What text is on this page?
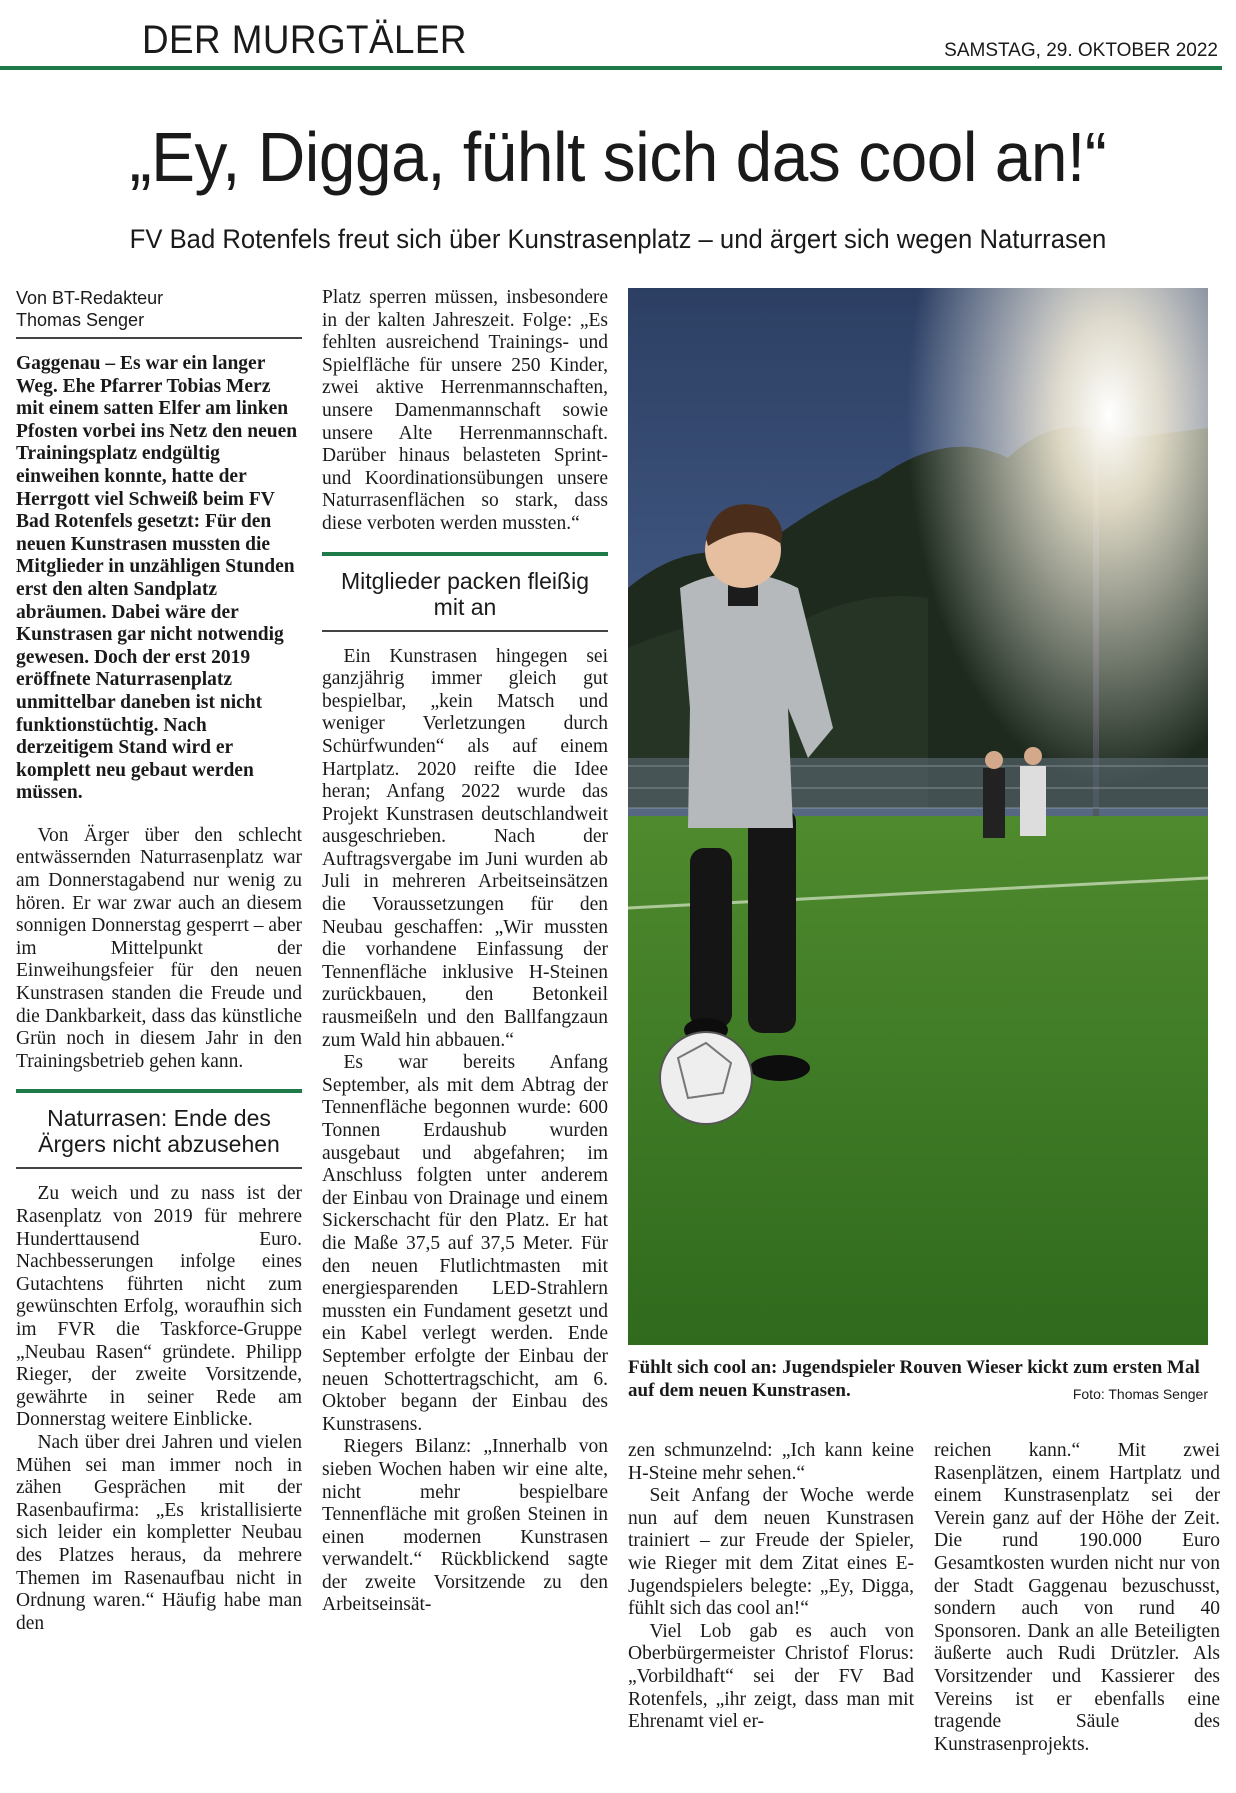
DER MURGTÄLER	SAMSTAG, 29. OKTOBER 2022
„Ey, Digga, fühlt sich das cool an!“
FV Bad Rotenfels freut sich über Kunstrasenplatz – und ärgert sich wegen Naturrasen
Von BT-Redakteur
Thomas Senger
Gaggenau – Es war ein langer Weg. Ehe Pfarrer Tobias Merz mit einem satten Elfer am linken Pfosten vorbei ins Netz den neuen Trainingsplatz endgültig einweihen konnte, hatte der Herrgott viel Schweiß beim FV Bad Rotenfels gesetzt: Für den neuen Kunstrasen mussten die Mitglieder in unzähligen Stunden erst den alten Sandplatz abräumen. Dabei wäre der Kunstrasen gar nicht notwendig gewesen. Doch der erst 2019 eröffnete Naturrasenplatz unmittelbar daneben ist nicht funktionstüchtig. Nach derzeitigem Stand wird er komplett neu gebaut werden müssen.

Von Ärger über den schlecht entwässernden Naturrasenplatz war am Donnerstagabend nur wenig zu hören. Er war zwar auch an diesem sonnigen Donnerstag gesperrt – aber im Mittelpunkt der Einweihungsfeier für den neuen Kunstrasen standen die Freude und die Dankbarkeit, dass das künstliche Grün noch in diesem Jahr in den Trainingsbetrieb gehen kann.

Naturrasen: Ende des Ärgers nicht abzusehen

Zu weich und zu nass ist der Rasenplatz von 2019 für mehrere Hunderttausend Euro. Nachbesserungen infolge eines Gutachtens führten nicht zum gewünschten Erfolg, woraufhin sich im FVR die Taskforce-Gruppe „Neubau Rasen“ gründete. Philipp Rieger, der zweite Vorsitzende, gewährte in seiner Rede am Donnerstag weitere Einblicke.

Nach über drei Jahren und vielen Mühen sei man immer noch in zähen Gesprächen mit der Rasenbaufirma: „Es kristallisierte sich leider ein kompletter Neubau des Platzes heraus, da mehrere Themen im Rasenaufbau nicht in Ordnung waren.“ Häufig habe man den

Platz sperren müssen, insbesondere in der kalten Jahreszeit. Folge: „Es fehlten ausreichend Trainings- und Spielfläche für unsere 250 Kinder, zwei aktive Herrenmannschaften, unsere Damenmannschaft sowie unsere Alte Herrenmannschaft. Darüber hinaus belasteten Sprint- und Koordinationsübungen unsere Naturrasenflächen so stark, dass diese verboten werden mussten.“

Mitglieder packen fleißig mit an

Ein Kunstrasen hingegen sei ganzjährig immer gleich gut bespielbar, „kein Matsch und weniger Verletzungen durch Schürfwunden“ als auf einem Hartplatz. 2020 reifte die Idee heran; Anfang 2022 wurde das Projekt Kunstrasen deutschlandweit ausgeschrieben. Nach der Auftragsvergabe im Juni wurden ab Juli in mehreren Arbeitseinsätzen die Voraussetzungen für den Neubau geschaffen: „Wir mussten die vorhandene Einfassung der Tennenfläche inklusive H-Steinen zurückbauen, den Betonkeil rausmeißeln und den Ballfangzaun zum Wald hin abbauen.“

Es war bereits Anfang September, als mit dem Abtrag der Tennenfläche begonnen wurde: 600 Tonnen Erdaushub wurden ausgebaut und abgefahren; im Anschluss folgten unter anderem der Einbau von Drainage und einem Sickerschacht für den Platz. Er hat die Maße 37,5 auf 37,5 Meter. Für den neuen Flutlichtmasten mit energiesparenden LED-Strahlern mussten ein Fundament gesetzt und ein Kabel verlegt werden. Ende September erfolgte der Einbau der neuen Schottertragschicht, am 6. Oktober begann der Einbau des Kunstrasens.

Riegers Bilanz: „Innerhalb von sieben Wochen haben wir eine alte, nicht mehr bespielbare Tennenfläche mit großen Steinen in einen modernen Kunstrasen verwandelt.“ Rückblickend sagte der zweite Vorsitzende zu den Arbeitseinsät-

Fühlt sich cool an: Jugendspieler Rouven Wieser kickt zum ersten Mal auf dem neuen Kunstrasen.	Foto: Thomas Senger

zen schmunzelnd: „Ich kann keine H-Steine mehr sehen.“

Seit Anfang der Woche werde nun auf dem neuen Kunstrasen trainiert – zur Freude der Spieler, wie Rieger mit dem Zitat eines E-Jugendspielers belegte: „Ey, Digga, fühlt sich das cool an!“

Viel Lob gab es auch von Oberbürgermeister Christof Florus: „Vorbildhaft“ sei der FV Bad Rotenfels, „ihr zeigt, dass man mit Ehrenamt viel er-

reichen kann.“ Mit zwei Rasenplätzen, einem Hartplatz und einem Kunstrasenplatz sei der Verein ganz auf der Höhe der Zeit. Die rund 190.000 Euro Gesamtkosten wurden nicht nur von der Stadt Gaggenau bezuschusst, sondern auch von rund 40 Sponsoren. Dank an alle Beteiligten äußerte auch Rudi Drützler. Als Vorsitzender und Kassierer des Vereins ist er ebenfalls eine tragende Säule des Kunstrasenprojekts.
